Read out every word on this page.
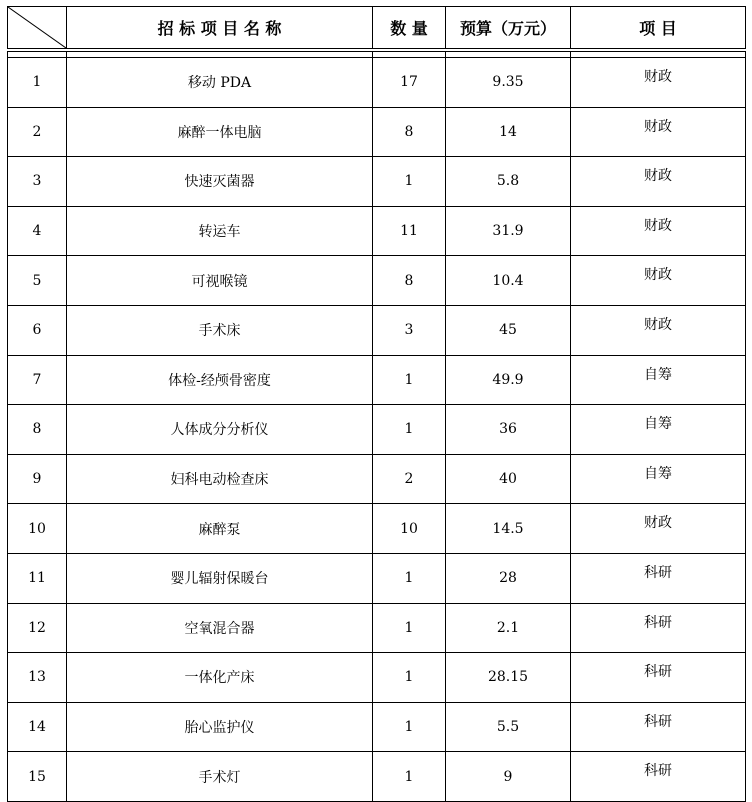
	招 标 项 目 名 称	数 量	预算（万元）	项 目

1	移动 PDA	17	9.35	财政
2	麻醉一体电脑	8	14	财政
3	快速灭菌器	1	5.8	财政
4	转运车	11	31.9	财政
5	可视喉镜	8	10.4	财政
6	手术床	3	45	财政
7	体检-经颅骨密度	1	49.9	自筹
8	人体成分分析仪	1	36	自筹
9	妇科电动检查床	2	40	自筹
10	麻醉泵	10	14.5	财政
11	婴儿辐射保暖台	1	28	科研
12	空氧混合器	1	2.1	科研
13	一体化产床	1	28.15	科研
14	胎心监护仪	1	5.5	科研
15	手术灯	1	9	科研
